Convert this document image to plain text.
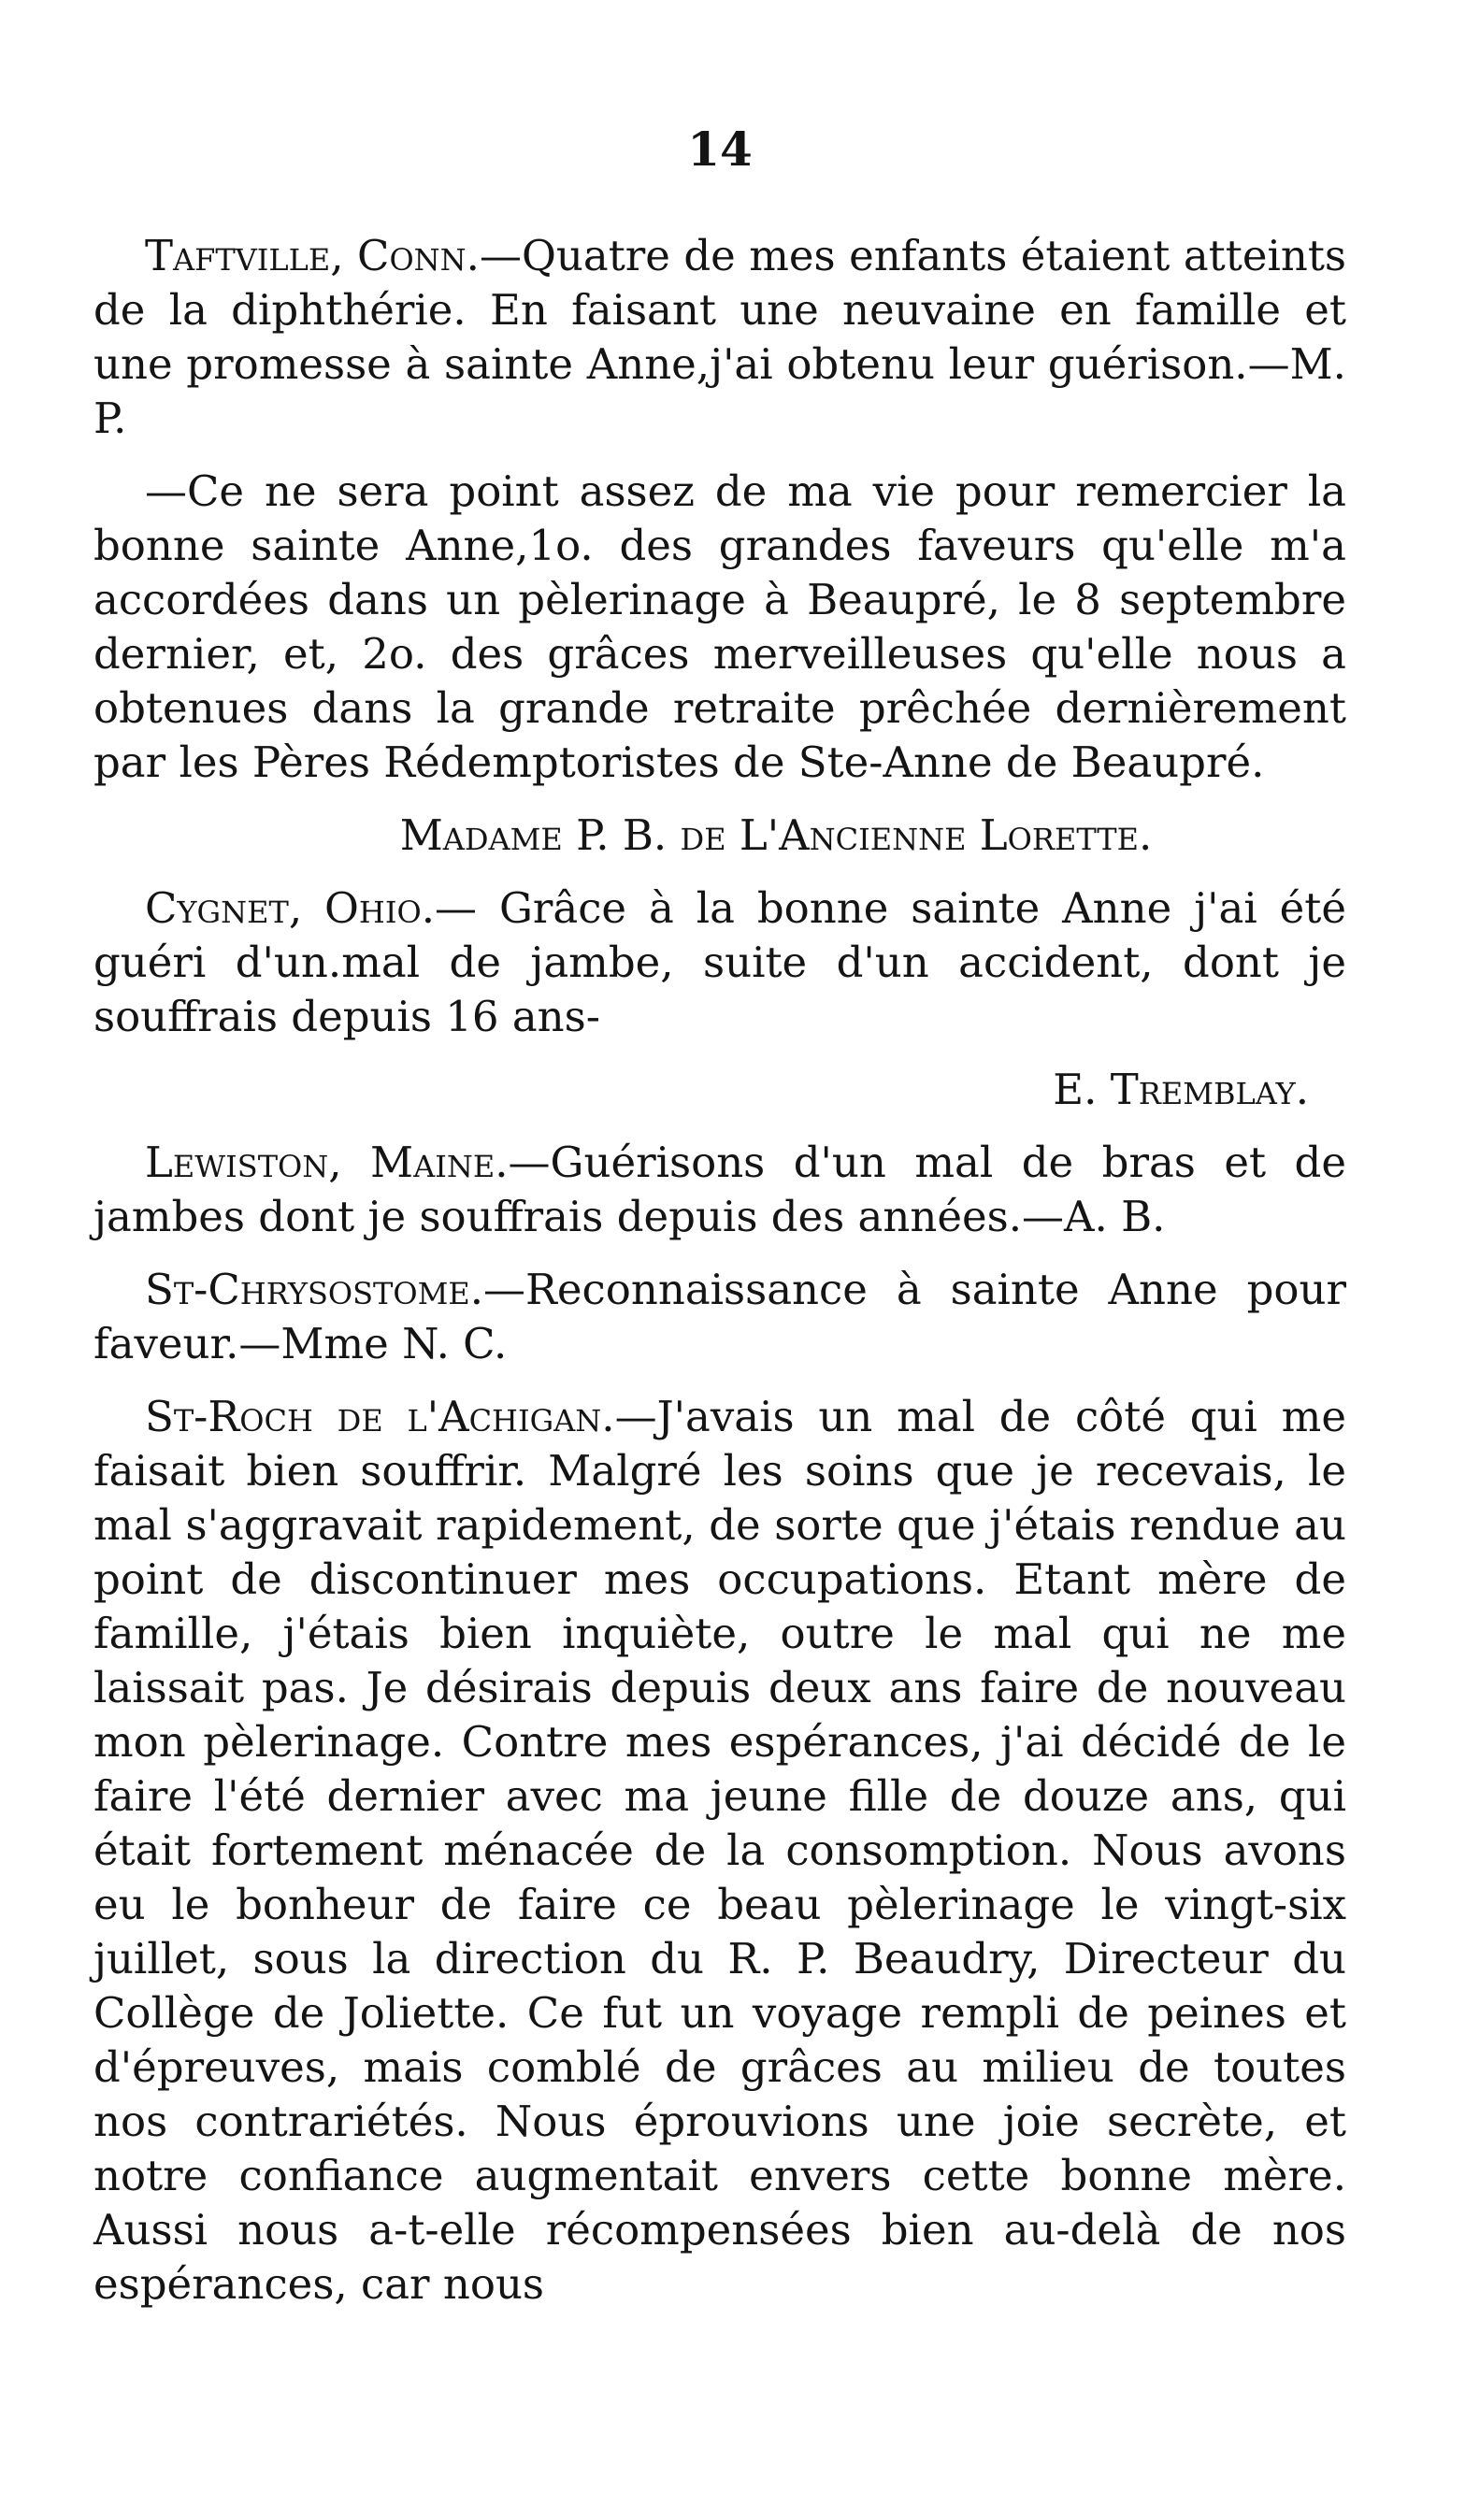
14

Taftville, Conn.—Quatre de mes enfants étaient atteints de la diphthérie. En faisant une neuvaine en famille et une promesse à sainte Anne,j'ai obtenu leur guérison.—M. P.

—Ce ne sera point assez de ma vie pour remercier la bonne sainte Anne,1o. des grandes faveurs qu'elle m'a accordées dans un pèlerinage à Beaupré, le 8 septembre dernier, et, 2o. des grâces merveilleuses qu'elle nous a obtenues dans la grande retraite prêchée dernièrement par les Pères Rédemptoristes de Ste-Anne de Beaupré.

Madame P. B. de L'Ancienne Lorette.

Cygnet, Ohio.— Grâce à la bonne sainte Anne j'ai été guéri d'un.mal de jambe, suite d'un accident, dont je souffrais depuis 16 ans-

E. Tremblay.

Lewiston, Maine.—Guérisons d'un mal de bras et de jambes dont je souffrais depuis des années.—A. B.

St-Chrysostome.—Reconnaissance à sainte Anne pour faveur.—Mme N. C.

St-Roch de l'Achigan.—J'avais un mal de côté qui me faisait bien souffrir. Malgré les soins que je recevais, le mal s'aggravait rapidement, de sorte que j'étais rendue au point de discontinuer mes occupations. Etant mère de famille, j'étais bien inquiète, outre le mal qui ne me laissait pas. Je désirais depuis deux ans faire de nouveau mon pèlerinage. Contre mes espérances, j'ai décidé de le faire l'été dernier avec ma jeune fille de douze ans, qui était fortement ménacée de la consomption. Nous avons eu le bonheur de faire ce beau pèlerinage le vingt-six juillet, sous la direction du R. P. Beaudry, Directeur du Collège de Joliette. Ce fut un voyage rempli de peines et d'épreuves, mais comblé de grâces au milieu de toutes nos contrariétés. Nous éprouvions une joie secrète, et notre confiance augmentait envers cette bonne mère. Aussi nous a-t-elle récompensées bien au-delà de nos espérances, car nous
